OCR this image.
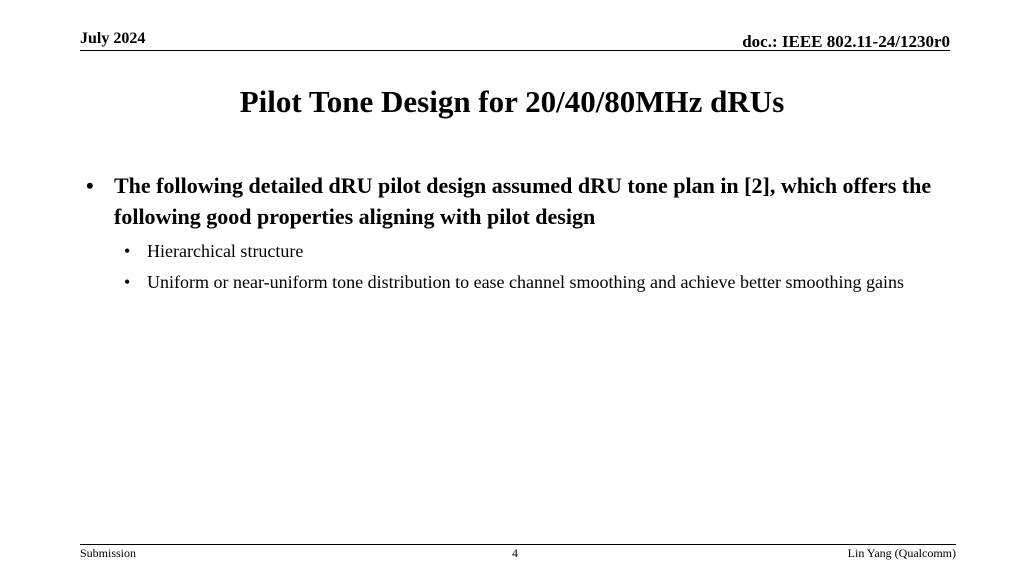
July 2024	doc.: IEEE 802.11-24/1230r0
Pilot Tone Design for 20/40/80MHz dRUs
• The following detailed dRU pilot design assumed dRU tone plan in [2], which offers the following good properties aligning with pilot design
• Hierarchical structure
• Uniform or near-uniform tone distribution to ease channel smoothing and achieve better smoothing gains
Submission	4	Lin Yang (Qualcomm)
